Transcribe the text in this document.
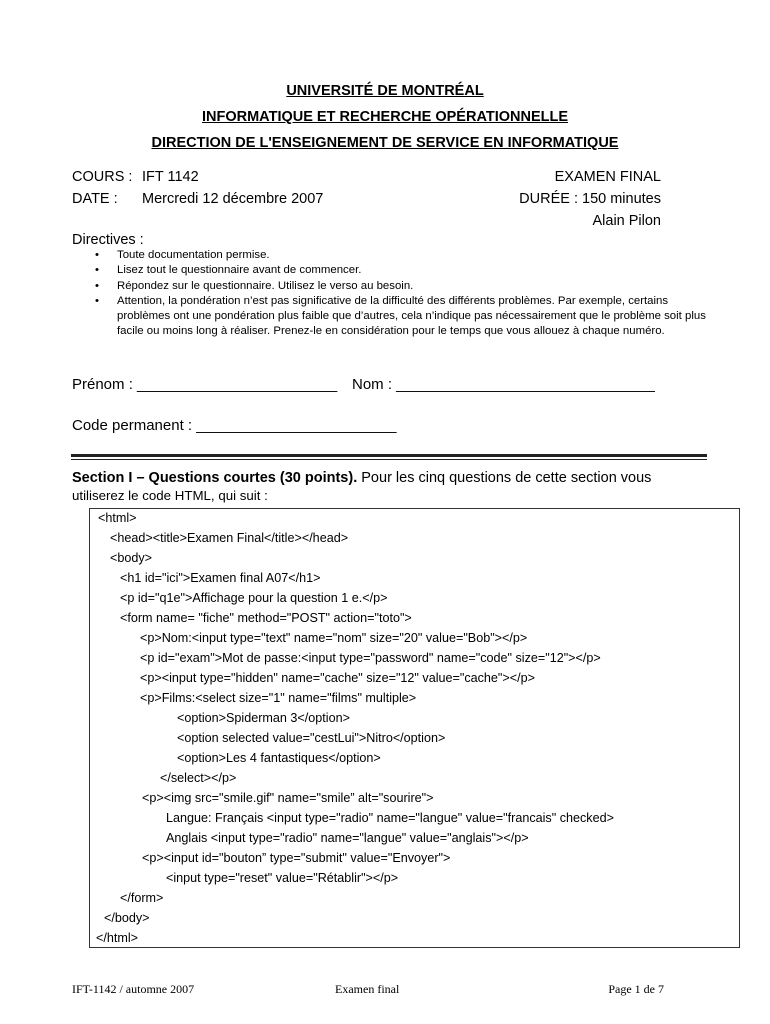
UNIVERSITÉ DE MONTRÉAL
INFORMATIQUE ET RECHERCHE OPÉRATIONNELLE
DIRECTION DE L'ENSEIGNEMENT DE SERVICE EN INFORMATIQUE
COURS : IFT 1142	EXAMEN FINAL
DATE : Mercredi 12 décembre 2007	DURÉE : 150 minutes
Alain Pilon
Directives :
• Toute documentation permise.
• Lisez tout le questionnaire avant de commencer.
• Répondez sur le questionnaire. Utilisez le verso au besoin.
• Attention, la pondération n’est pas significative de la difficulté des différents problèmes. Par exemple, certains problèmes ont une pondération plus faible que d’autres, cela n’indique pas nécessairement que le problème soit plus facile ou moins long à réaliser. Prenez-le en considération pour le temps que vous allouez à chaque numéro.
Prénom : ________________________ Nom : _______________________________
Code permanent : ________________________
Section I – Questions courtes (30 points). Pour les cinq questions de cette section vous
utiliserez le code HTML, qui suit :
<html>
<head><title>Examen Final</title></head>
<body>
<h1 id="ici">Examen final A07</h1>
<p id="q1e">Affichage pour la question 1 e.</p>
<form name= "fiche" method="POST" action="toto">
<p>Nom:<input type="text" name="nom" size="20" value="Bob"></p>
<p id="exam">Mot de passe:<input type="password" name="code" size="12"></p>
<p><input type="hidden" name="cache" size="12" value="cache"></p>
<p>Films:<select size="1" name="films" multiple>
<option>Spiderman 3</option>
<option selected value="cestLui">Nitro</option>
<option>Les 4 fantastiques</option>
</select></p>
<p><img src="smile.gif" name="smile” alt="sourire">
Langue: Français <input type="radio" name="langue" value="francais" checked>
Anglais <input type="radio" name="langue" value="anglais"></p>
<p><input id="bouton” type="submit" value="Envoyer">
<input type="reset" value="Rétablir"></p>
</form>
</body>
</html>
IFT-1142 / automne 2007	Examen final	Page 1 de 7
